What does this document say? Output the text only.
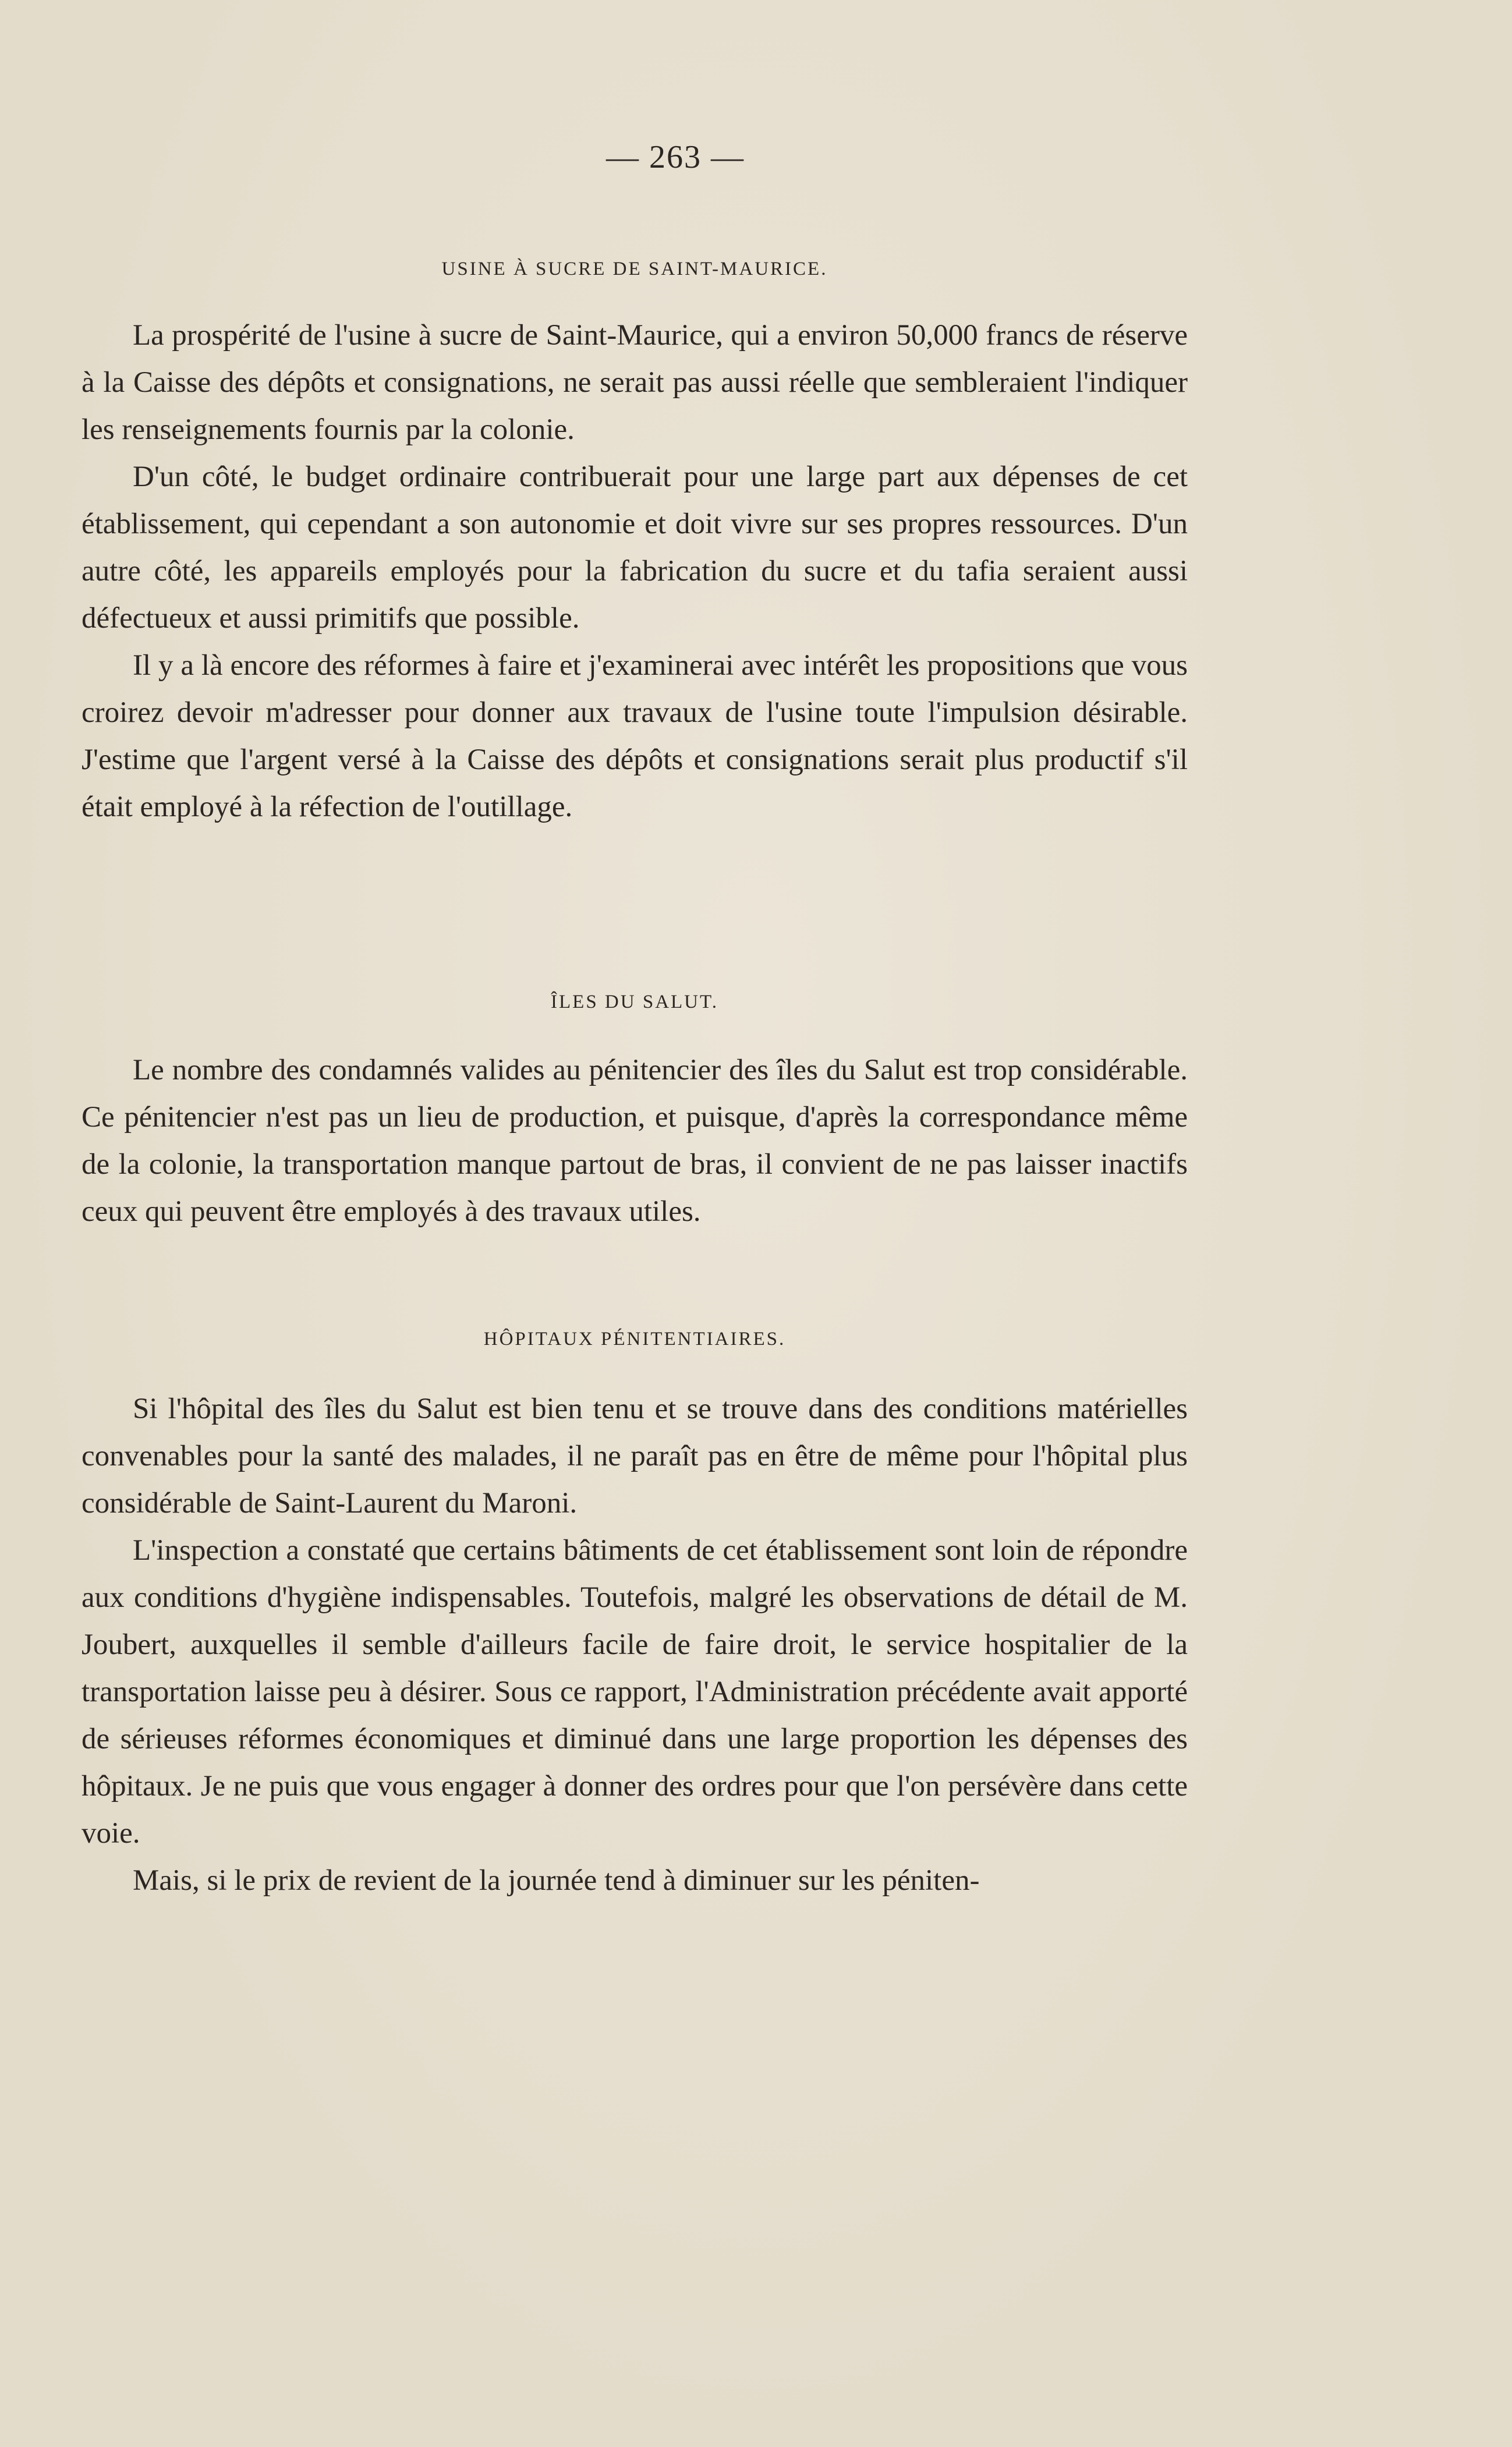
— 263 —
USINE À SUCRE DE SAINT-MAURICE.

La prospérité de l'usine à sucre de Saint-Maurice, qui a environ 50,000 francs de réserve à la Caisse des dépôts et consignations, ne serait pas aussi réelle que sembleraient l'indiquer les renseignements fournis par la colonie.

D'un côté, le budget ordinaire contribuerait pour une large part aux dépenses de cet établissement, qui cependant a son autonomie et doit vivre sur ses propres ressources. D'un autre côté, les appareils employés pour la fabrication du sucre et du tafia seraient aussi défectueux et aussi primitifs que possible.

Il y a là encore des réformes à faire et j'examinerai avec intérêt les propositions que vous croirez devoir m'adresser pour donner aux travaux de l'usine toute l'impulsion désirable. J'estime que l'argent versé à la Caisse des dépôts et consignations serait plus productif s'il était employé à la réfection de l'outillage.

ÎLES DU SALUT.

Le nombre des condamnés valides au pénitencier des îles du Salut est trop considérable. Ce pénitencier n'est pas un lieu de production, et puisque, d'après la correspondance même de la colonie, la transportation manque partout de bras, il convient de ne pas laisser inactifs ceux qui peuvent être employés à des travaux utiles.

HÔPITAUX PÉNITENTIAIRES.

Si l'hôpital des îles du Salut est bien tenu et se trouve dans des conditions matérielles convenables pour la santé des malades, il ne paraît pas en être de même pour l'hôpital plus considérable de Saint-Laurent du Maroni.

L'inspection a constaté que certains bâtiments de cet établissement sont loin de répondre aux conditions d'hygiène indispensables. Toutefois, malgré les observations de détail de M. Joubert, auxquelles il semble d'ailleurs facile de faire droit, le service hospitalier de la transportation laisse peu à désirer. Sous ce rapport, l'Administration précédente avait apporté de sérieuses réformes économiques et diminué dans une large proportion les dépenses des hôpitaux. Je ne puis que vous engager à donner des ordres pour que l'on persévère dans cette voie.

Mais, si le prix de revient de la journée tend à diminuer sur les péniten-
